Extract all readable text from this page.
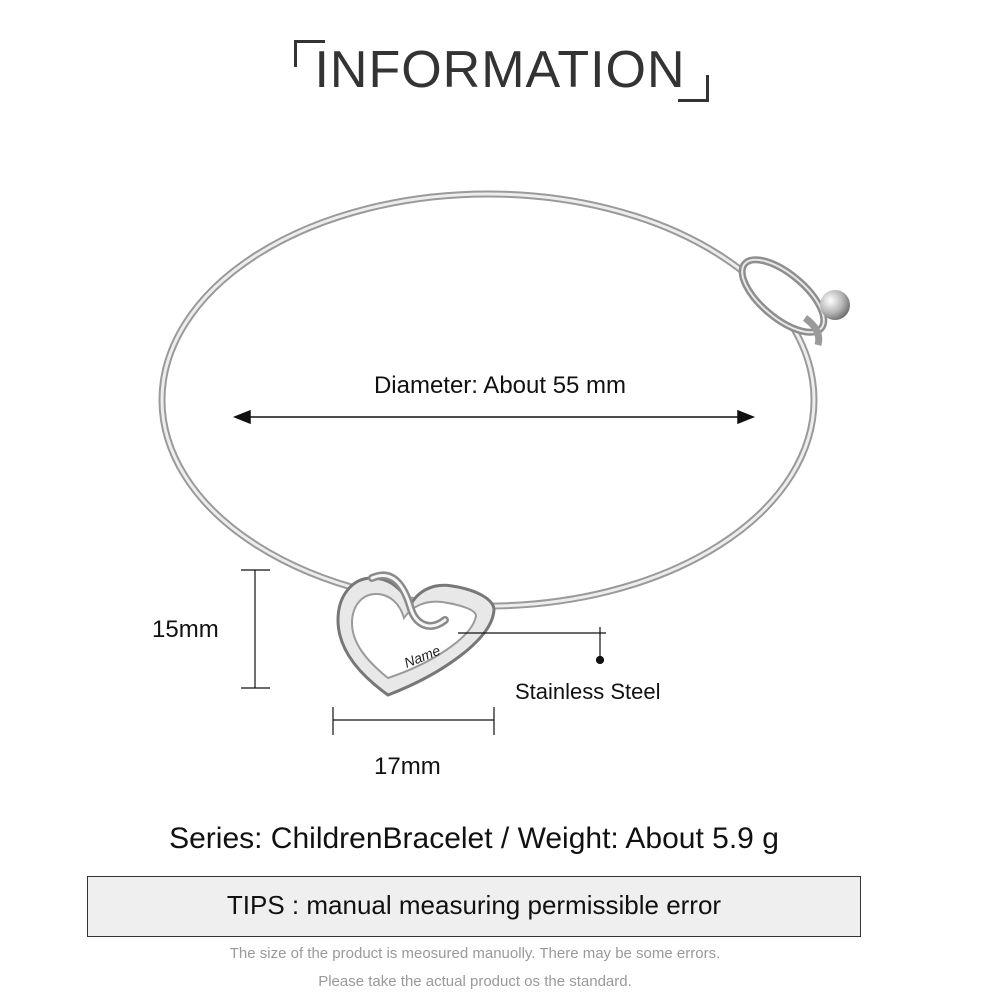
INFORMATION
Name
Diameter: About 55 mm
15mm
17mm
Stainless Steel
Series: ChildrenBracelet / Weight: About 5.9 g
TIPS : manual measuring permissible error
The size of the product is meosured manuolly. There may be some errors.
Please take the actual product os the standard.
